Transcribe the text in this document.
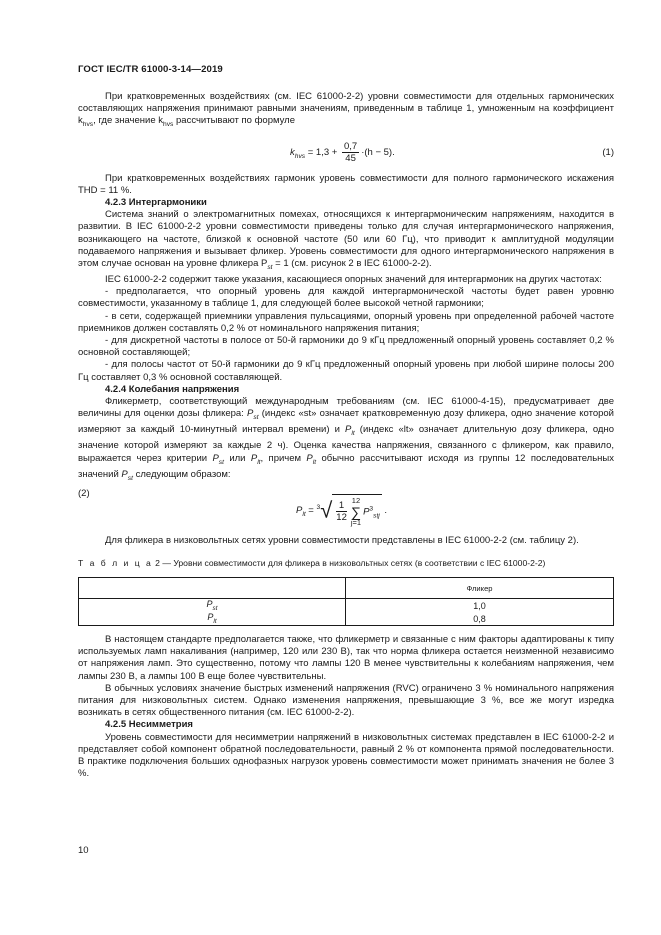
ГОСТ IEC/TR 61000-3-14—2019

При кратковременных воздействиях (см. IEC 61000-2-2) уровни совместимости для отдельных гармонических составляющих напряжения принимают равными значениям, приведенным в таблице 1, умноженным на коэффициент $k_{hvs}$, где значение $k_{hvs}$ рассчитывают по формуле

$k_{hvs} = 1,3 + \frac{0,7}{45} \cdot(h - 5)$.	(1)

При кратковременных воздействиях гармоник уровень совместимости для полного гармонического искажения THD = 11 %.

4.2.3 Интергармоники

Система знаний о электромагнитных помехах, относящихся к интергармоническим напряжениям, находится в развитии. В IEC 61000-2-2 уровни совместимости приведены только для случая интергармонического напряжения, возникающего на частоте, близкой к основной частоте (50 или 60 Гц), что приводит к амплитудной модуляции подаваемого напряжения и вызывает фликер. Уровень совместимости для одного интергармонического напряжения в этом случае основан на уровне фликера $P_{st} = 1$ (см. рисунок 2 в IEC 61000-2-2).

IEC 61000-2-2 содержит также указания, касающиеся опорных значений для интергармоник на других частотах:

- предполагается, что опорный уровень для каждой интергармонической частоты будет равен уровню совместимости, указанному в таблице 1, для следующей более высокой четной гармоники;

- в сети, содержащей приемники управления пульсациями, опорный уровень при определенной рабочей частоте приемников должен составлять 0,2 % от номинального напряжения питания;

- для дискретной частоты в полосе от 50-й гармоники до 9 кГц предложенный опорный уровень составляет 0,2 % основной составляющей;

- для полосы частот от 50-й гармоники до 9 кГц предложенный опорный уровень при любой ширине полосы 200 Гц составляет 0,3 % основной составляющей.

4.2.4 Колебания напряжения

Фликерметр, соответствующий международным требованиям (см. IEC 61000-4-15), предусматривает две величины для оценки дозы фликера: $P_{st}$ (индекс «st» означает кратковременную дозу фликера, одно значение которой измеряют за каждый 10-минутный интервал времени) и $P_{lt}$ (индекс «lt» означает длительную дозу фликера, одно значение которой измеряют за каждые 2 ч). Оценка качества напряжения, связанного с фликером, как правило, выражается через критерии $P_{st}$ или $P_{lt}$, причем $P_{lt}$ обычно рассчитывают исходя из группы 12 последовательных значений $P_{st}$ следующим образом:

$P_{lt} = ^3√ \frac{1}{12} 12$
∑
j=1
$P^3_{stj}$ .
(2)

Для фликера в низковольтных сетях уровни совместимости представлены в IEC 61000-2-2 (см. таблицу 2).

Т а б л и ц а 2 — Уровни совместимости для фликера в низковольтных сетях (в соответствии с IEC 61000-2-2)
	Фликер
$P_{st}$	1,0
$P_{lt}$	0,8

В настоящем стандарте предполагается также, что фликерметр и связанные с ним факторы адаптированы к типу используемых ламп накаливания (например, 120 или 230 В), так что норма фликера остается неизменной независимо от напряжения ламп. Это существенно, потому что лампы 120 В менее чувствительны к колебаниям напряжения, чем лампы 230 В, а лампы 100 В еще более чувствительны.

В обычных условиях значение быстрых изменений напряжения (RVC) ограничено 3 % номинального напряжения питания для низковольтных систем. Однако изменения напряжения, превышающие 3 %, все же могут изредка возникать в сетях общественного питания (см. IEC 61000-2-2).

4.2.5 Несимметрия

Уровень совместимости для несимметрии напряжений в низковольтных системах представлен в IEC 61000-2-2 и представляет собой компонент обратной последовательности, равный 2 % от компонента прямой последовательности. В практике подключения больших однофазных нагрузок уровень совместимости может принимать значения не более 3 %.

10
